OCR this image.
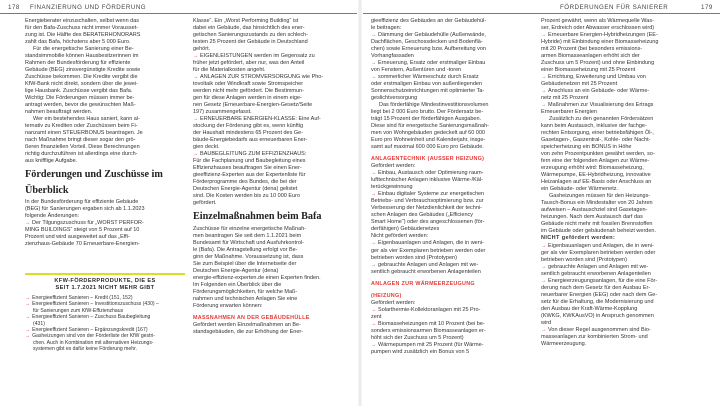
178 FINANZIERUNG UND FÖRDERUNG	FÖRDERUNGEN FÜR SANIERER	179

Energieberater einzuschalten, selbst wenn das

für den Bafa-Zuschuss nicht immer Vorausset-

zung ist. Die Hälfte des BERATERHONORARS

zahlt das Bafa, höchstens aber 5 000 Euro.

Für die energetische Sanierung einer Be-

standsimmobilie können Hausbesitzerinnen im

Rahmen der Bundesförderung für effiziente

Gebäude (BEG) zinsvergünstigte Kredite sowie

Zuschüsse bekommen. Die Kredite vergibt die

KfW-Bank nicht direkt, sondern über die jewei-

lige Hausbank. Zuschüsse vergibt das Bafa.

Wichtig: Die Förderungen müssen immer be-

antragt werden, bevor die gewünschten Maß-

nahmen beauftragt werden.

Wer ein bestehendes Haus saniert, kann al-

ternativ zu Krediten oder Zuschüssen beim Fi-

nanzamt einen STEUERBONUS beantragen. Je

nach Maßnahme bringt dieser sogar den grö-

ßeren finanziellen Vorteil. Diese Berechnungen

richtig durchzuführen ist allerdings eine durch-

aus knifflige Aufgabe.

Förderungen und Zuschüsse im

Überblick

In der Bundesförderung für effiziente Gebäude

(BEG) für Sanierungen ergaben sich ab 1.1.2023

folgende Änderungen:

→ Der Tilgungszuschuss für „WORST PERFOR-

MING BUILDINGS“ steigt von 5 Prozent auf 10

Prozent und wird ausgeweitet auf das „Effi-

zienzhaus-Gebäude 70 Erneuerbare-Energien-

Klasse“. Ein „Worst Performing Building“ ist

dabei ein Gebäude, das hinsichtlich des ener-

getischen Sanierungszustands zu den schlech-

testen 25 Prozent der Gebäude in Deutschland

gehört.

→ EIGENLEISTUNGEN werden im Gegensatz zu

früher jetzt gefördert, aber nur, was den Anteil

für die Materialkosten angeht.

→ ANLAGEN ZUR STROMVERSORGUNG wie Pho-

tovoltaik oder Windkraft sowie Stromspeicher

werden nicht mehr gefördert. Die Bestimmun-

gen für diese Anlagen werden in einem eige-

nen Gesetz (Erneuerbare-Energien-Gesetz/Seite

197) zusammengefasst.

→ ERNEUERBARE ENERGIEN-KLASSE: Eine Auf-

stockung der Förderung gibt es, wenn künftig

der Haushalt mindestens 65 Prozent des Ge-

bäude-Energiebedarfs aus erneuerbaren Ener-

gien deckt.

→ BAUBEGLEITUNG ZUM EFFIZIENZHAUS:

Für die Fachplanung und Baubegleitung eines

Effizienzhauses beauftragen Sie einen Ener-

gieeffizienz-Experten aus der Expertenliste für

Förderprogramme des Bundes, die bei der

Deutschen Energie-Agentur (dena) gelistet

sind. Die Kosten werden bis zu 10 000 Euro

gefördert.

Einzelmaßnahmen beim Bafa

Zuschüsse für einzelne energetische Maßnah-

men beantragen Sie seit dem 1.1.2021 beim

Bundesamt für Wirtschaft und Ausfuhrkontrol-

le (Bafa). Die Antragstellung erfolgt vor Be-

ginn der Maßnahme. Voraussetzung ist, dass

Sie zum Beispiel über die Internetseite der

Deutschen Energie-Agentur (dena)

energie-effizienz-experten.de einen Experten finden.

Im Folgenden ein Überblick über die

Förderungsmöglichkeiten, für welche Maß-

nahmen und technischen Anlagen Sie eine

Förderung erwarten können:

MASSNAHMEN AN DER GEBÄUDEHÜLLE

Gefördert werden Einzelmaßnahmen an Be-

standsgebäuden, die zur Erhöhung der Ener-

gieeffizienz des Gebäudes an der Gebäudehül-

le beitragen:

→ Dämmung der Gebäudehülle (Außenwände,

Dachflächen, Geschossdecken und Bodenflä-

chen) sowie Erneuerung bzw. Aufbereitung von

Vorhangfassaden

→ Erneuerung, Ersatz oder erstmaliger Einbau

von Fenstern, Außentüren und -toren

→ sommerlicher Wärmeschutz durch Ersatz

oder erstmaligen Einbau von außenliegenden

Sonnenschutzeinrichtungen mit optimierter Ta-

geslichtversorgung

Das förderfähige Mindestinvestitionsvolumen

liegt bei 2 000 Euro brutto. Der Fördersatz be-

trägt 15 Prozent der förderfähigen Ausgaben.

Diese sind für energetische Sanierungsmaßnah-

men von Wohngebäuden gedeckelt auf 60 000

Euro pro Wohneinheit und Kalenderjahr, insge-

samt auf maximal 600 000 Euro pro Gebäude.

ANLAGENTECHNIK (AUSSER HEIZUNG)

Gefördert werden:

→ Einbau, Austausch oder Optimierung raum-

lufttechnischer Anlagen inklusive Wärme-/Käl-

terückgewinnung

→ Einbau digitaler Systeme zur energetischen

Betriebs- und Verbrauchsoptimierung bzw. zur

Verbesserung der Netzdienlichkeit der techni-

schen Anlagen des Gebäudes („Efficiency

Smart Home“) oder des angeschlossenen (för-

derfähigen) Gebäudenetzes

Nicht gefördert werden:

→ Eigenbauanlagen und Anlagen, die in weni-

ger als vier Exemplaren betrieben werden oder

betrieben worden sind (Prototypen)

→ gebrauchte Anlagen und Anlagen mit we-

sentlich gebraucht erworbenen Anlagenteilen

ANLAGEN ZUR WÄRMEERZEUGUNG

(HEIZUNG)

Gefördert werden:

→ Solarthermie-Kollektoranlagen mit 25 Pro-

zent

→ Biomasseheizungen mit 10 Prozent (bei be-

sonders emissionsarmen Biomasseanlagen er-

höht sich der Zuschuss um 5 Prozent)

→ Wärmepumpen mit 25 Prozent (für Wärme-

pumpen wird zusätzlich ein Bonus von 5

Prozent gewährt, wenn als Wärmequelle Was-

ser, Erdreich oder Abwasser erschlossen wird)

→ Erneuerbare Energien-Hybridheizungen (EE-

Hybride) mit Einbindung einer Biomasseheizung

mit 20 Prozent (bei besonders emissions-

armen Biomasseanlagen erhöht sich der

Zuschuss um 5 Prozent) und ohne Einbindung

einer Biomasseheizung mit 25 Prozent

→ Errichtung, Erweiterung und Umbau von

Gebäudenetzen mit 25 Prozent

→ Anschluss an ein Gebäude- oder Wärme-

netz mit 25 Prozent

→ Maßnahmen zur Visualisierung des Ertrags

Erneuerbarer Energien

Zusätzlich zu den genannten Fördersätzen

kann beim Austausch, inklusive der fachge-

rechten Entsorgung, einer betriebsfähigen Öl-,

Gasetagen-, Gaszentral-, Kohle- oder Nacht-

speicherheizung ein BONUS in Höhe

von zehn Prozentpunkten gewährt werden, so-

fern eine der folgenden Anlagen zur Wärme-

erzeugung erhöht wird: Biomasseheizung,

Wärmepumpe, EE-Hybridheizung, innovative

Heizanlagen auf EE-Basis oder Anschluss an

ein Gebäude- oder Wärmenetz.

Gasheizungen müssen für den Heizungs-

Tausch-Bonus ein Mindestalter von 20 Jahren

aufweisen – Austauschziel sind Gasetagen-

heizungen. Nach dem Austausch darf das

Gebäude nicht mehr mit fossilen Brennstoffen

im Gebäude oder gebäudenah beheizt werden.

NICHT gefördert werden:

→ Eigenbauanlagen und Anlagen, die in weni-

ger als vier Exemplaren betrieben werden oder

betrieben worden sind (Prototypen)

→ gebrauchte Anlagen und Anlagen mit we-

sentlich gebraucht erworbenen Anlagenteilen

→ Energieerzeugungsanlagen, für die eine För-

derung nach dem Gesetz für den Ausbau Er-

neuerbarer Energien (EEG) oder nach dem Ge-

setz für die Erhaltung, die Modernisierung und

den Ausbau der Kraft-Wärme-Kopplung

(KWKG, KWKAusVO) in Anspruch genommen

wird

→ Von dieser Regel ausgenommen sind Bio-

masseanlagen zur kombinierten Strom- und

Wärmeerzeugung.

KFW-FÖRDERPRODUKTE, DIE ES

SEIT 1.7.2021 NICHT MEHR GIBT

→ Energieeffizient Sanieren – Kredit (151, 152)

→ Energieeffizient Sanieren – Investitionszuschuss (430) –

für Sanierungen zum KfW-Effizienzhaus

→ Energieeffizient Sanieren – Zuschuss Baubegleitung

(431)

→ Energieeffizient Sanieren – Ergänzungskredit (167)

→ Gasheizungen sind von der Förderliste der KfW gestri-

chen. Auch in Kombination mit alternativen Heizungs-

systemen gibt es dafür keine Förderung mehr.
